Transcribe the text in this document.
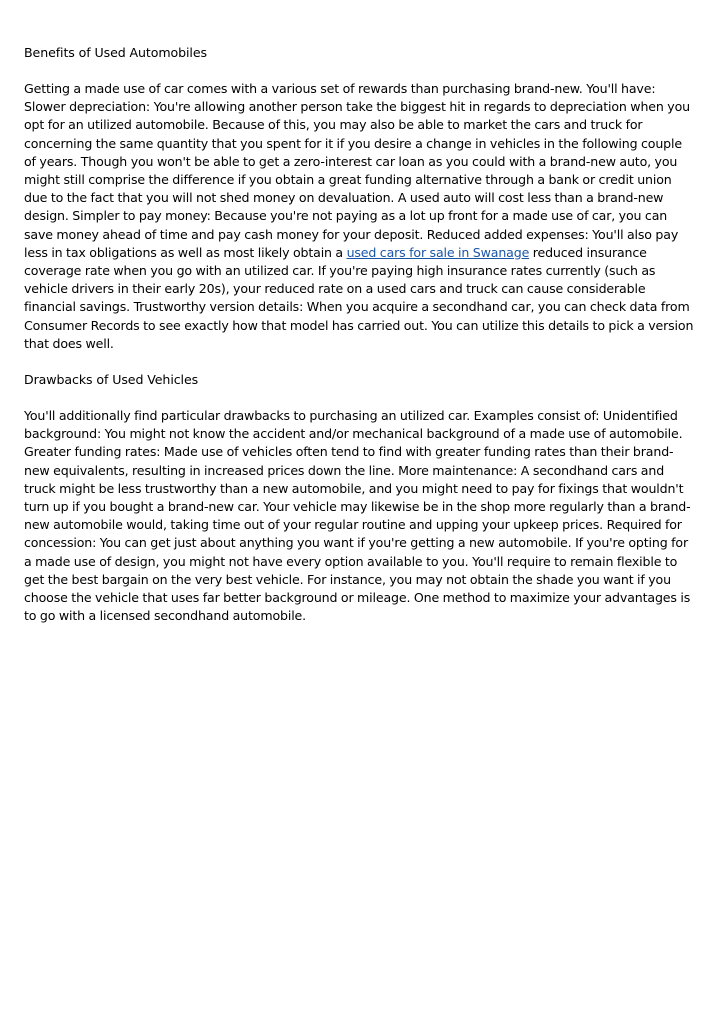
Benefits of Used Automobiles

Getting a made use of car comes with a various set of rewards than purchasing brand-new. You'll have: Slower depreciation: You're allowing another person take the biggest hit in regards to depreciation when you opt for an utilized automobile. Because of this, you may also be able to market the cars and truck for concerning the same quantity that you spent for it if you desire a change in vehicles in the following couple of years. Though you won't be able to get a zero-interest car loan as you could with a brand-new auto, you might still comprise the difference if you obtain a great funding alternative through a bank or credit union due to the fact that you will not shed money on devaluation. A used auto will cost less than a brand-new design. Simpler to pay money: Because you're not paying as a lot up front for a made use of car, you can save money ahead of time and pay cash money for your deposit. Reduced added expenses: You'll also pay less in tax obligations as well as most likely obtain a used cars for sale in Swanage reduced insurance coverage rate when you go with an utilized car. If you're paying high insurance rates currently (such as vehicle drivers in their early 20s), your reduced rate on a used cars and truck can cause considerable financial savings. Trustworthy version details: When you acquire a secondhand car, you can check data from Consumer Records to see exactly how that model has carried out. You can utilize this details to pick a version that does well.

Drawbacks of Used Vehicles

You'll additionally find particular drawbacks to purchasing an utilized car. Examples consist of: Unidentified background: You might not know the accident and/or mechanical background of a made use of automobile. Greater funding rates: Made use of vehicles often tend to find with greater funding rates than their brand-new equivalents, resulting in increased prices down the line. More maintenance: A secondhand cars and truck might be less trustworthy than a new automobile, and you might need to pay for fixings that wouldn't turn up if you bought a brand-new car. Your vehicle may likewise be in the shop more regularly than a brand-new automobile would, taking time out of your regular routine and upping your upkeep prices. Required for concession: You can get just about anything you want if you're getting a new automobile. If you're opting for a made use of design, you might not have every option available to you. You'll require to remain flexible to get the best bargain on the very best vehicle. For instance, you may not obtain the shade you want if you choose the vehicle that uses far better background or mileage. One method to maximize your advantages is to go with a licensed secondhand automobile.
